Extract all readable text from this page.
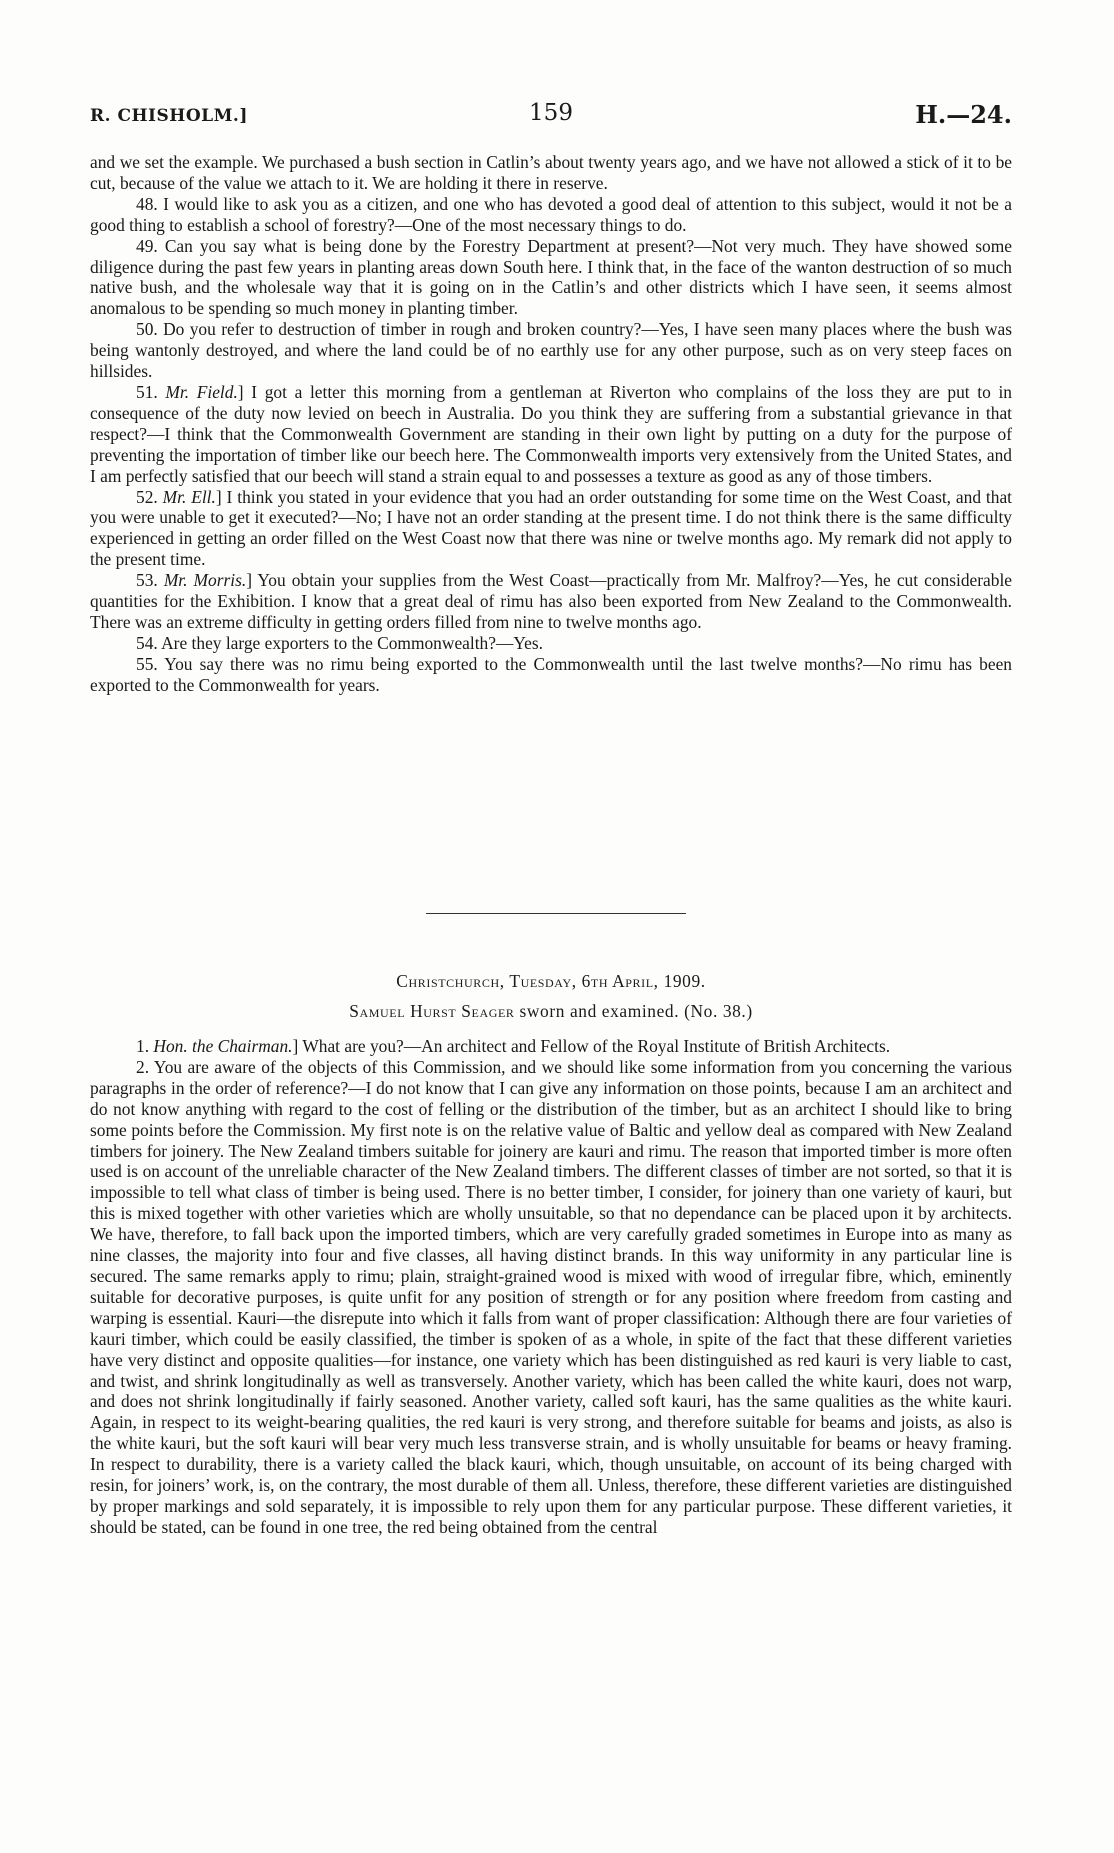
R. CHISHOLM.]	159	H.—24.

and we set the example. We purchased a bush section in Catlin’s about twenty years ago, and we have not allowed a stick of it to be cut, because of the value we attach to it. We are holding it there in reserve.

48. I would like to ask you as a citizen, and one who has devoted a good deal of attention to this subject, would it not be a good thing to establish a school of forestry?—One of the most necessary things to do.

49. Can you say what is being done by the Forestry Department at present?—Not very much. They have showed some diligence during the past few years in planting areas down South here. I think that, in the face of the wanton destruction of so much native bush, and the wholesale way that it is going on in the Catlin’s and other districts which I have seen, it seems almost anomalous to be spending so much money in planting timber.

50. Do you refer to destruction of timber in rough and broken country?—Yes, I have seen many places where the bush was being wantonly destroyed, and where the land could be of no earthly use for any other purpose, such as on very steep faces on hillsides.

51. Mr. Field.] I got a letter this morning from a gentleman at Riverton who complains of the loss they are put to in consequence of the duty now levied on beech in Australia. Do you think they are suffering from a substantial grievance in that respect?—I think that the Commonwealth Government are standing in their own light by putting on a duty for the purpose of preventing the importation of timber like our beech here. The Commonwealth imports very extensively from the United States, and I am perfectly satisfied that our beech will stand a strain equal to and possesses a texture as good as any of those timbers.

52. Mr. Ell.] I think you stated in your evidence that you had an order outstanding for some time on the West Coast, and that you were unable to get it executed?—No; I have not an order standing at the present time. I do not think there is the same difficulty experienced in getting an order filled on the West Coast now that there was nine or twelve months ago. My remark did not apply to the present time.

53. Mr. Morris.] You obtain your supplies from the West Coast—practically from Mr. Malfroy?—Yes, he cut considerable quantities for the Exhibition. I know that a great deal of rimu has also been exported from New Zealand to the Commonwealth. There was an extreme difficulty in getting orders filled from nine to twelve months ago.

54. Are they large exporters to the Commonwealth?—Yes.

55. You say there was no rimu being exported to the Commonwealth until the last twelve months?—No rimu has been exported to the Commonwealth for years.

Christchurch, Tuesday, 6th April, 1909.
Samuel Hurst Seager sworn and examined. (No. 38.)

1. Hon. the Chairman.] What are you?—An architect and Fellow of the Royal Institute of British Architects.

2. You are aware of the objects of this Commission, and we should like some information from you concerning the various paragraphs in the order of reference?—I do not know that I can give any information on those points, because I am an architect and do not know anything with regard to the cost of felling or the distribution of the timber, but as an architect I should like to bring some points before the Commission. My first note is on the relative value of Baltic and yellow deal as compared with New Zealand timbers for joinery. The New Zealand timbers suitable for joinery are kauri and rimu. The reason that imported timber is more often used is on account of the unreliable character of the New Zealand timbers. The different classes of timber are not sorted, so that it is impossible to tell what class of timber is being used. There is no better timber, I consider, for joinery than one variety of kauri, but this is mixed together with other varieties which are wholly unsuitable, so that no dependance can be placed upon it by architects. We have, therefore, to fall back upon the imported timbers, which are very carefully graded sometimes in Europe into as many as nine classes, the majority into four and five classes, all having distinct brands. In this way uniformity in any particular line is secured. The same remarks apply to rimu; plain, straight-grained wood is mixed with wood of irregular fibre, which, eminently suitable for decorative purposes, is quite unfit for any position of strength or for any position where freedom from casting and warping is essential. Kauri—the disrepute into which it falls from want of proper classification: Although there are four varieties of kauri timber, which could be easily classified, the timber is spoken of as a whole, in spite of the fact that these different varieties have very distinct and opposite qualities—for instance, one variety which has been distinguished as red kauri is very liable to cast, and twist, and shrink longitudinally as well as transversely. Another variety, which has been called the white kauri, does not warp, and does not shrink longitudinally if fairly seasoned. Another variety, called soft kauri, has the same qualities as the white kauri. Again, in respect to its weight-bearing qualities, the red kauri is very strong, and therefore suitable for beams and joists, as also is the white kauri, but the soft kauri will bear very much less transverse strain, and is wholly unsuitable for beams or heavy framing. In respect to durability, there is a variety called the black kauri, which, though unsuitable, on account of its being charged with resin, for joiners’ work, is, on the contrary, the most durable of them all. Unless, therefore, these different varieties are distinguished by proper markings and sold separately, it is impossible to rely upon them for any particular purpose. These different varieties, it should be stated, can be found in one tree, the red being obtained from the central
